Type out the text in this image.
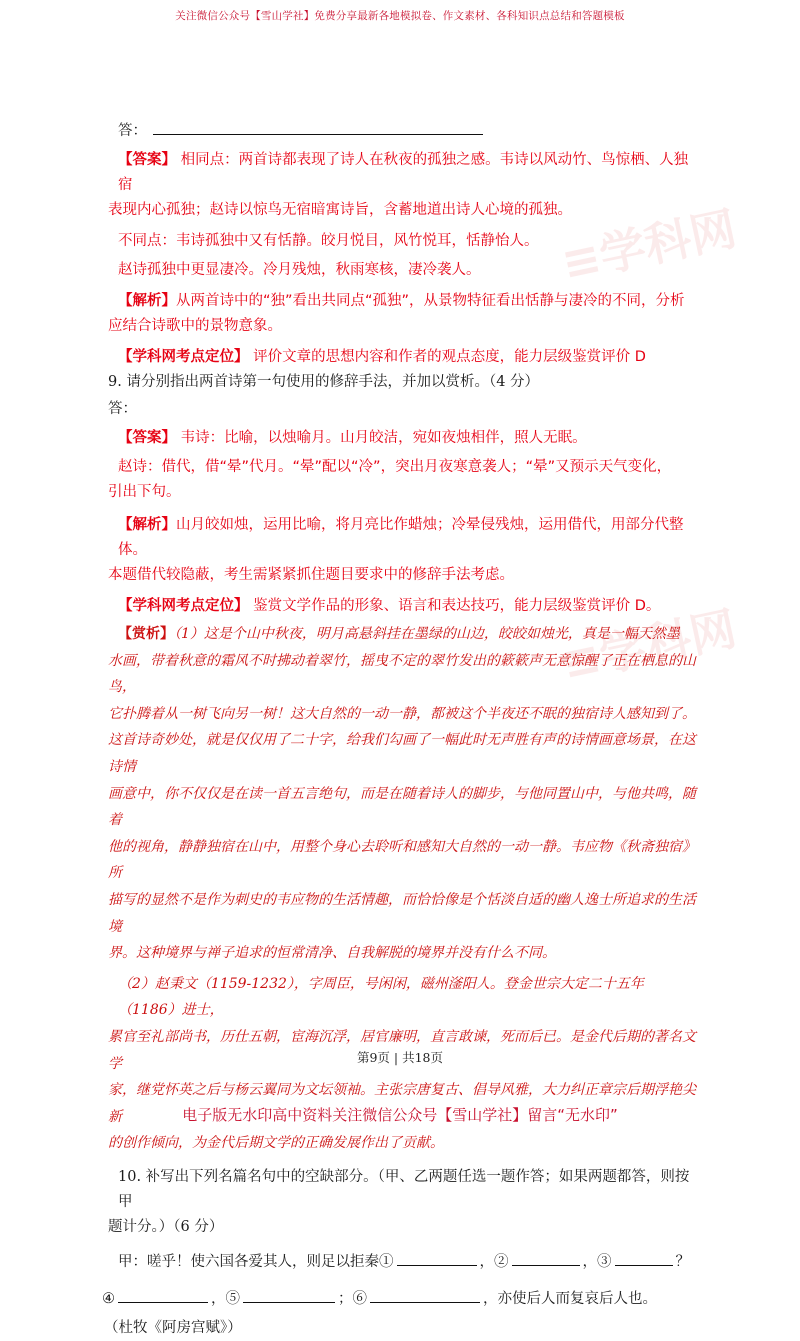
关注微信公众号【雪山学社】免费分享最新各地模拟卷、作文素材、各科知识点总结和答题模板
≡学科网
≡学科网
答：
【答案】 相同点：两首诗都表现了诗人在秋夜的孤独之感。韦诗以风动竹、鸟惊栖、人独宿
表现内心孤独；赵诗以惊鸟无宿暗寓诗旨，含蓄地道出诗人心境的孤独。
不同点：韦诗孤独中又有恬静。皎月悦目，风竹悦耳，恬静怡人。
赵诗孤独中更显凄冷。冷月残烛，秋雨寒核，凄冷袭人。
【解析】从两首诗中的“独”看出共同点“孤独”，从景物特征看出恬静与凄冷的不同，分析
应结合诗歌中的景物意象。
【学科网考点定位】 评价文章的思想内容和作者的观点态度，能力层级鉴赏评价 D
9. 请分别指出两首诗第一句使用的修辞手法，并加以赏析。（4 分）
答：
【答案】 韦诗：比喻，以烛喻月。山月皎洁，宛如夜烛相伴，照人无眠。
赵诗：借代，借“晕”代月。“晕”配以“冷”，突出月夜寒意袭人；“晕”又预示天气变化，
引出下句。
【解析】山月皎如烛，运用比喻，将月亮比作蜡烛；冷晕侵残烛，运用借代，用部分代整体。
本题借代较隐蔽，考生需紧紧抓住题目要求中的修辞手法考虑。
【学科网考点定位】 鉴赏文学作品的形象、语言和表达技巧，能力层级鉴赏评价 D。
【赏析】（1）这是个山中秋夜，明月高悬斜挂在墨绿的山边，皎皎如烛光，真是一幅天然墨
水画，带着秋意的霜风不时拂动着翠竹，摇曳不定的翠竹发出的簌簌声无意惊醒了正在栖息的山鸟，
它扑腾着从一树飞向另一树！这大自然的一动一静，都被这个半夜还不眠的独宿诗人感知到了。
这首诗奇妙处，就是仅仅用了二十字，给我们勾画了一幅此时无声胜有声的诗情画意场景，在这诗情
画意中，你不仅仅是在读一首五言绝句，而是在随着诗人的脚步，与他同置山中，与他共鸣，随着
他的视角，静静独宿在山中，用整个身心去聆听和感知大自然的一动一静。韦应物《秋斋独宿》所
描写的显然不是作为刺史的韦应物的生活情趣，而恰恰像是个恬淡自适的幽人逸士所追求的生活境
界。这种境界与禅子追求的恒常清净、自我解脱的境界并没有什么不同。
（2）赵秉文（1159-1232），字周臣，号闲闲，磁州滏阳人。登金世宗大定二十五年（1186）进士，
累官至礼部尚书，历仕五朝，宦海沉浮，居官廉明，直言敢谏，死而后已。是金代后期的著名文学
家，继党怀英之后与杨云翼同为文坛领袖。主张宗唐复古、倡导风雅，大力纠正章宗后期浮艳尖新
的创作倾向，为金代后期文学的正确发展作出了贡献。
10. 补写出下列名篇名句中的空缺部分。（甲、乙两题任选一题作答；如果两题都答，则按甲
题计分。）（6 分）
甲：嗟乎！使六国各爱其人，则足以拒秦①	，②	，③	？
④	，⑤	；⑥	，亦使后人而复哀后人也。
（杜牧《阿房宫赋》）
第9页 | 共18页
电子版无水印高中资料关注微信公众号【雪山学社】留言“无水印”
